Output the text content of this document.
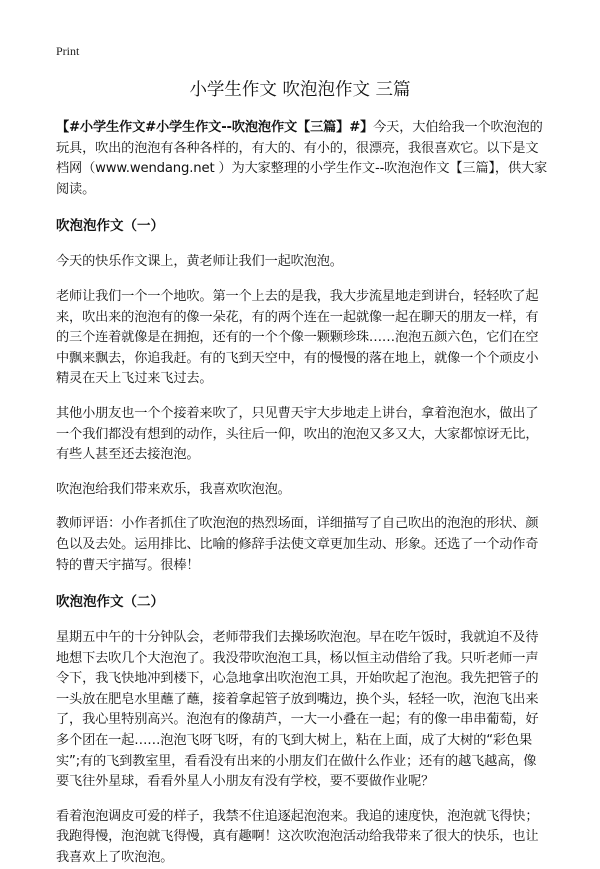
Print
小学生作文 吹泡泡作文 三篇

【#小学生作文#小学生作文--吹泡泡作文【三篇】#】今天，大伯给我一个吹泡泡的玩具，吹出的泡泡有各种各样的，有大的、有小的，很漂亮，我很喜欢它。以下是文档网（www.wendang.net ）为大家整理的小学生作文--吹泡泡作文【三篇】，供大家阅读。

吹泡泡作文（一）

今天的快乐作文课上，黄老师让我们一起吹泡泡。

老师让我们一个一个地吹。第一个上去的是我，我大步流星地走到讲台，轻轻吹了起来，吹出来的泡泡有的像一朵花，有的两个连在一起就像一起在聊天的朋友一样，有的三个连着就像是在拥抱，还有的一个个像一颗颗珍珠……泡泡五颜六色，它们在空中飘来飘去，你追我赶。有的飞到天空中，有的慢慢的落在地上，就像一个个顽皮小精灵在天上飞过来飞过去。

其他小朋友也一个个接着来吹了，只见曹天宇大步地走上讲台，拿着泡泡水，做出了一个我们都没有想到的动作，头往后一仰，吹出的泡泡又多又大，大家都惊讶无比，有些人甚至还去接泡泡。

吹泡泡给我们带来欢乐，我喜欢吹泡泡。

教师评语：小作者抓住了吹泡泡的热烈场面，详细描写了自己吹出的泡泡的形状、颜色以及去处。运用排比、比喻的修辞手法使文章更加生动、形象。还选了一个动作奇特的曹天宇描写。很棒！

吹泡泡作文（二）

星期五中午的十分钟队会，老师带我们去操场吹泡泡。早在吃午饭时，我就迫不及待地想下去吹几个大泡泡了。我没带吹泡泡工具，杨以恒主动借给了我。只听老师一声令下，我飞快地冲到楼下，心急地拿出吹泡泡工具，开始吹起了泡泡。我先把管子的一头放在肥皂水里蘸了蘸，接着拿起管子放到嘴边，换个头，轻轻一吹，泡泡飞出来了，我心里特别高兴。泡泡有的像葫芦，一大一小叠在一起；有的像一串串葡萄，好多个团在一起……泡泡飞呀飞呀，有的飞到大树上，粘在上面，成了大树的“彩色果实”;有的飞到教室里，看看没有出来的小朋友们在做什么作业；还有的越飞越高，像要飞往外星球，看看外星人小朋友有没有学校，要不要做作业呢？

看着泡泡调皮可爱的样子，我禁不住追逐起泡泡来。我追的速度快，泡泡就飞得快；我跑得慢，泡泡就飞得慢，真有趣啊！这次吹泡泡活动给我带来了很大的快乐，也让我喜欢上了吹泡泡。
